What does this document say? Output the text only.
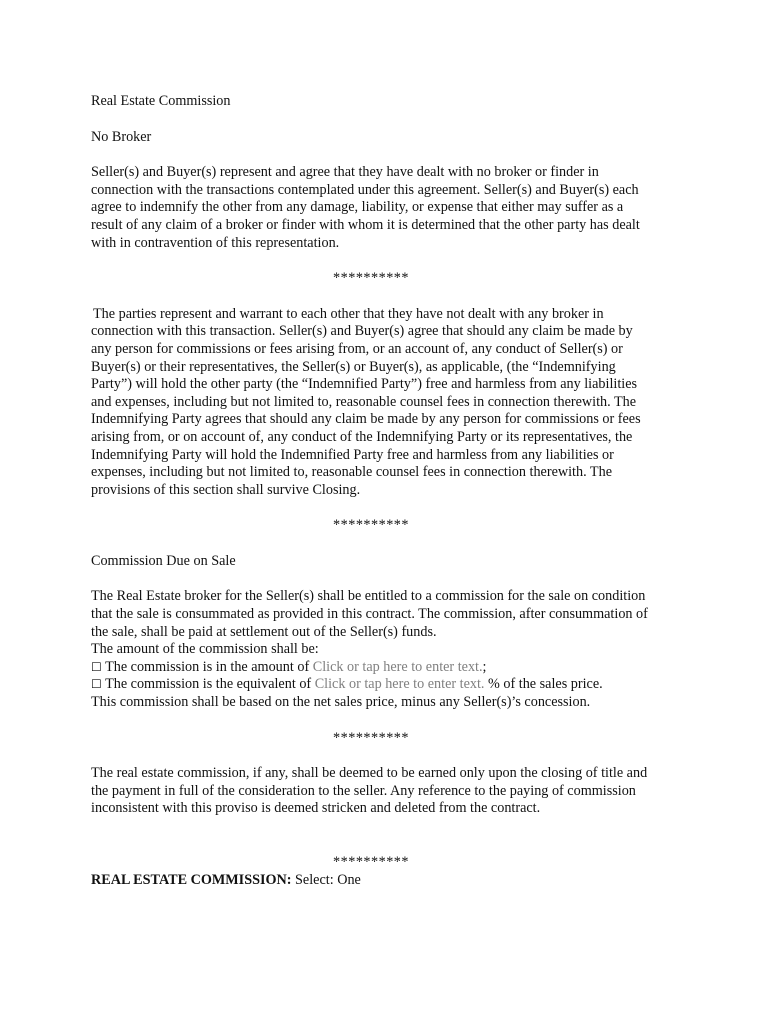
Real Estate Commission

No Broker

Seller(s) and Buyer(s) represent and agree that they have dealt with no broker or finder in connection with the transactions contemplated under this agreement. Seller(s) and Buyer(s) each agree to indemnify the other from any damage, liability, or expense that either may suffer as a result of any claim of a broker or finder with whom it is determined that the other party has dealt with in contravention of this representation.

**********

The parties represent and warrant to each other that they have not dealt with any broker in connection with this transaction. Seller(s) and Buyer(s) agree that should any claim be made by any person for commissions or fees arising from, or an account of, any conduct of Seller(s) or Buyer(s) or their representatives, the Seller(s) or Buyer(s), as applicable, (the “Indemnifying Party”) will hold the other party (the “Indemnified Party”) free and harmless from any liabilities and expenses, including but not limited to, reasonable counsel fees in connection therewith. The Indemnifying Party agrees that should any claim be made by any person for commissions or fees arising from, or on account of, any conduct of the Indemnifying Party or its representatives, the Indemnifying Party will hold the Indemnified Party free and harmless from any liabilities or expenses, including but not limited to, reasonable counsel fees in connection therewith. The provisions of this section shall survive Closing.

**********

Commission Due on Sale

The Real Estate broker for the Seller(s) shall be entitled to a commission for the sale on condition that the sale is consummated as provided in this contract. The commission, after consummation of the sale, shall be paid at settlement out of the Seller(s) funds.

The amount of the commission shall be:

☐ The commission is in the amount of Click or tap here to enter text.;

☐ The commission is the equivalent of Click or tap here to enter text. % of the sales price.

This commission shall be based on the net sales price, minus any Seller(s)’s concession.

**********

The real estate commission, if any, shall be deemed to be earned only upon the closing of title and the payment in full of the consideration to the seller. Any reference to the paying of commission inconsistent with this proviso is deemed stricken and deleted from the contract.

**********

REAL ESTATE COMMISSION: Select: One
